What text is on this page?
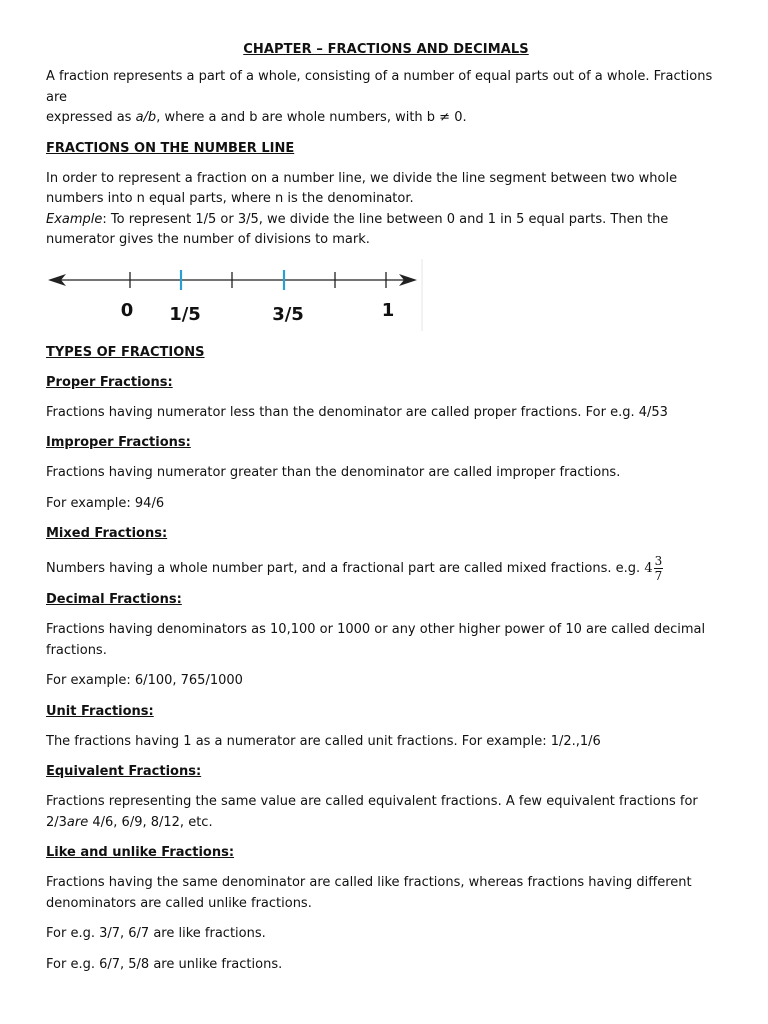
CHAPTER – FRACTIONS AND DECIMALS

A fraction represents a part of a whole, consisting of a number of equal parts out of a whole. Fractions are
expressed as a/b, where a and b are whole numbers, with b ≠ 0.

FRACTIONS ON THE NUMBER LINE

In order to represent a fraction on a number line, we divide the line segment between two whole numbers into n equal parts, where n is the denominator.

Example: To represent 1/5 or 3/5, we divide the line between 0 and 1 in 5 equal parts. Then the numerator gives the number of divisions to mark.

0 1/5	3/5	1
TYPES OF FRACTIONS
Proper Fractions:

Fractions having numerator less than the denominator are called proper fractions. For e.g. 4/53

Improper Fractions:

Fractions having numerator greater than the denominator are called improper fractions.

For example: 94/6

Mixed Fractions:

Numbers having a whole number part, and a fractional part are called mixed fractions. e.g. $4 \frac{3}{7}$

Decimal Fractions:

Fractions having denominators as 10,100 or 1000 or any other higher power of 10 are called decimal fractions.

For example: 6/100, 765/1000

Unit Fractions:

The fractions having 1 as a numerator are called unit fractions. For example: 1/2.,1/6

Equivalent Fractions:

Fractions representing the same value are called equivalent fractions. A few equivalent fractions for 2/3are 4/6, 6/9, 8/12, etc.

Like and unlike Fractions:

Fractions having the same denominator are called like fractions, whereas fractions having different denominators are called unlike fractions.

For e.g. 3/7, 6/7 are like fractions.

For e.g. 6/7, 5/8 are unlike fractions.
